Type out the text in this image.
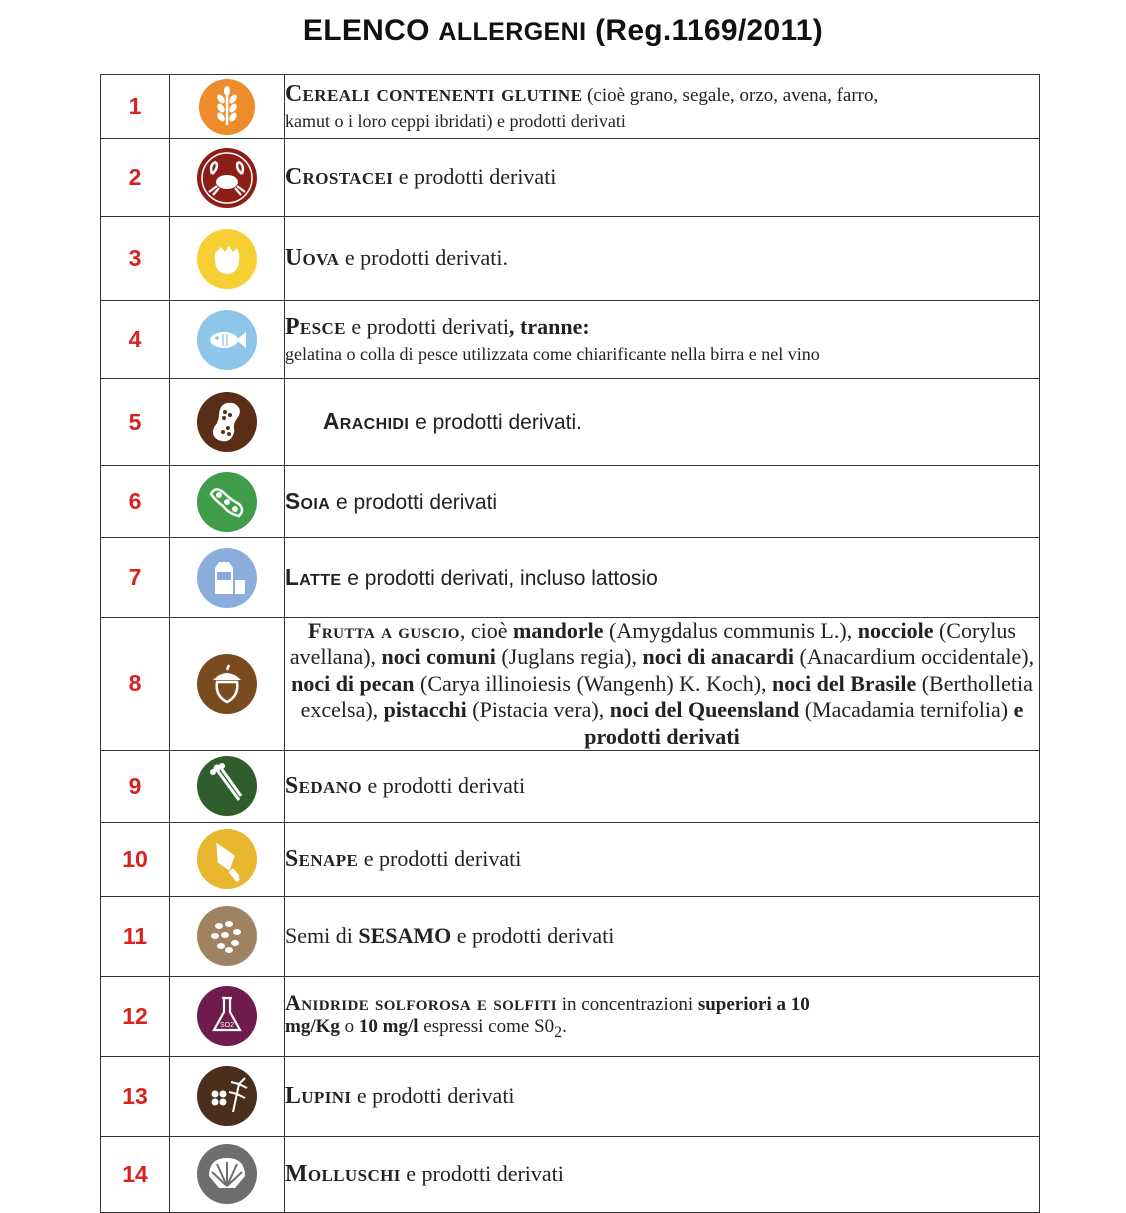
ELENCO ALLERGENI (Reg.1169/2011)
1		Cereali contenenti glutine (cioè grano, segale, orzo, avena, farro,
kamut o i loro ceppi ibridati) e prodotti derivati

2		Crostacei e prodotti derivati
3		Uova e prodotti derivati.
4		Pesce e prodotti derivati, tranne:
gelatina o colla di pesce utilizzata come chiarificante nella birra e nel vino

5		Arachidi e prodotti derivati.
6		Soia e prodotti derivati
7		Latte e prodotti derivati, incluso lattosio
8		Frutta a guscio, cioè mandorle (Amygdalus communis L.), nocciole (Corylus avellana), noci comuni (Juglans regia), noci di anacardi (Anacardium occidentale), noci di pecan (Carya illinoiesis (Wangenh) K. Koch), noci del Brasile (Bertholletia excelsa), pistacchi (Pistacia vera), noci del Queensland (Macadamia ternifolia) e prodotti derivati
9		Sedano e prodotti derivati
10		Senape e prodotti derivati
11		Semi di SESAMO e prodotti derivati
12	SO2	Anidride solforosa e solfiti in concentrazioni superiori a 10
mg/Kg o 10 mg/l espressi come $S0_2$.
13		Lupini e prodotti derivati
14		Molluschi e prodotti derivati
